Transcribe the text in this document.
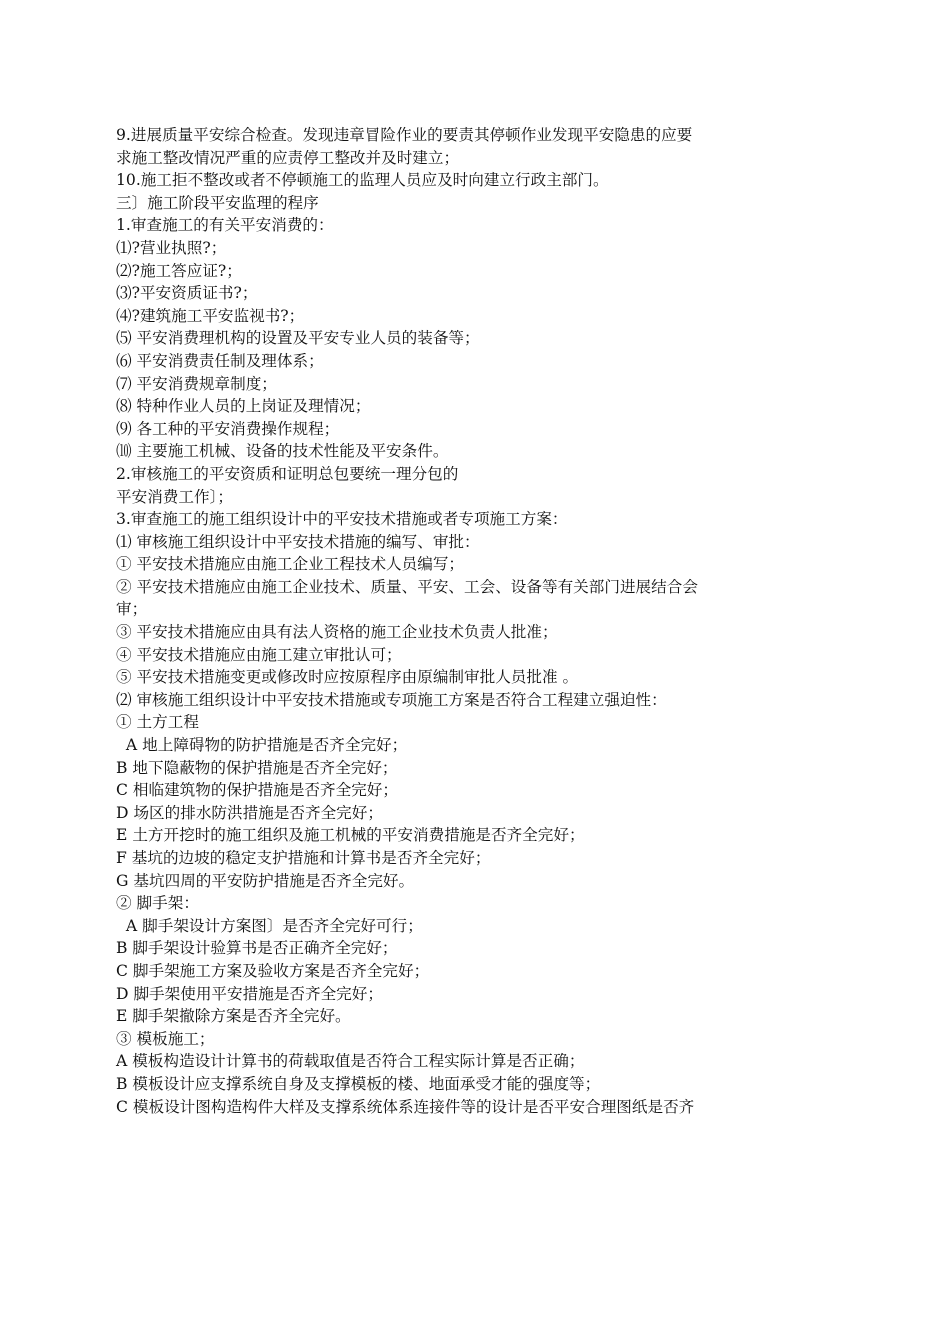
9.进展质量平安综合检查。发现违章冒险作业的要责其停顿作业发现平安隐患的应要
求施工整改情况严重的应责停工整改并及时建立；
10.施工拒不整改或者不停顿施工的监理人员应及时向建立行政主部门。
三〕施工阶段平安监理的程序
1.审查施工的有关平安消费的：
⑴?营业执照?；
⑵?施工答应证?；
⑶?平安资质证书?；
⑷?建筑施工平安监视书?；
⑸ 平安消费理机构的设置及平安专业人员的装备等；
⑹ 平安消费责任制及理体系；
⑺ 平安消费规章制度；
⑻ 特种作业人员的上岗证及理情况；
⑼ 各工种的平安消费操作规程；
⑽ 主要施工机械、设备的技术性能及平安条件。
2.审核施工的平安资质和证明总包要统一理分包的
平安消费工作〕；
3.审查施工的施工组织设计中的平安技术措施或者专项施工方案：
⑴ 审核施工组织设计中平安技术措施的编写、审批：
① 平安技术措施应由施工企业工程技术人员编写；
② 平安技术措施应由施工企业技术、质量、平安、工会、设备等有关部门进展结合会
审；
③ 平安技术措施应由具有法人资格的施工企业技术负责人批准；
④ 平安技术措施应由施工建立审批认可；
⑤ 平安技术措施变更或修改时应按原程序由原编制审批人员批准 。
⑵ 审核施工组织设计中平安技术措施或专项施工方案是否符合工程建立强迫性：
① 土方工程
A 地上障碍物的防护措施是否齐全完好；
B 地下隐蔽物的保护措施是否齐全完好；
C 相临建筑物的保护措施是否齐全完好；
D 场区的排水防洪措施是否齐全完好；
E 土方开挖时的施工组织及施工机械的平安消费措施是否齐全完好；
F 基坑的边坡的稳定支护措施和计算书是否齐全完好；
G 基坑四周的平安防护措施是否齐全完好。
② 脚手架：
A 脚手架设计方案图〕是否齐全完好可行；
B 脚手架设计验算书是否正确齐全完好；
C 脚手架施工方案及验收方案是否齐全完好；
D 脚手架使用平安措施是否齐全完好；
E 脚手架撤除方案是否齐全完好。
③ 模板施工；
A 模板构造设计计算书的荷载取值是否符合工程实际计算是否正确；
B 模板设计应支撑系统自身及支撑模板的楼、地面承受才能的强度等；
C 模板设计图构造构件大样及支撑系统体系连接件等的设计是否平安合理图纸是否齐
